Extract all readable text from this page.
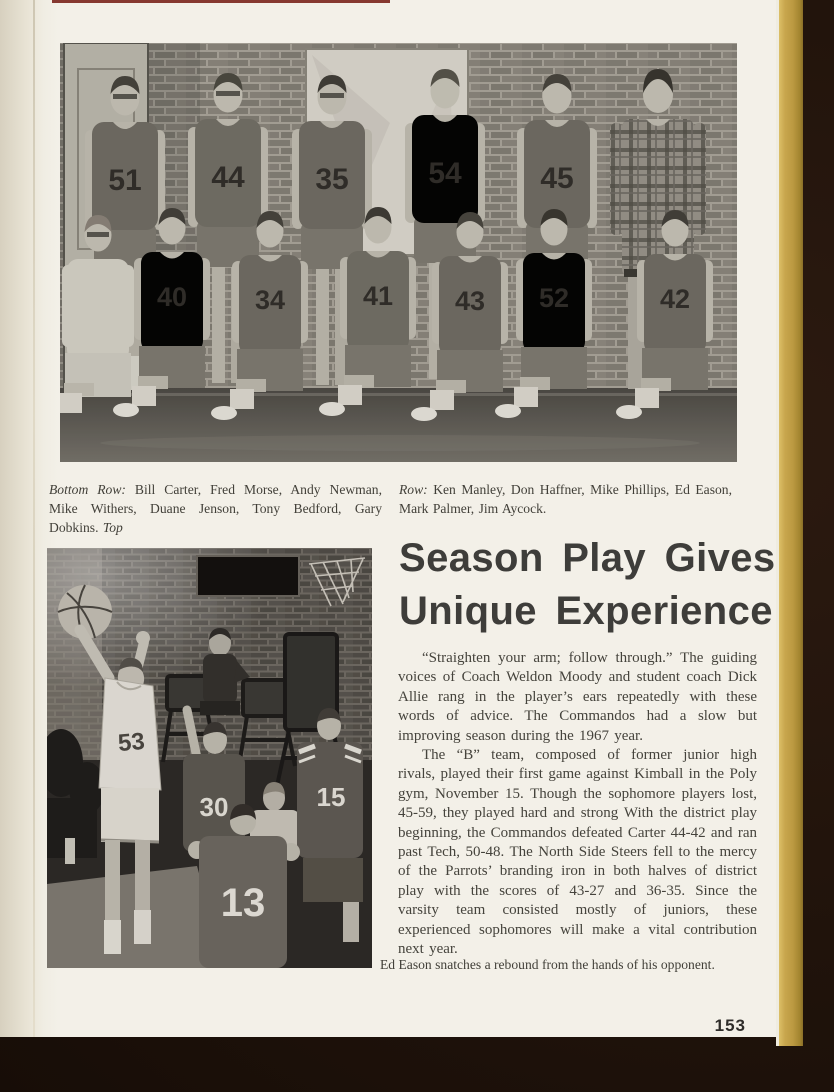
51 44 35	54	45
40	34	41 43 52	42

Bottom Row: Bill Carter, Fred Morse, Andy Newman, Mike Withers, Duane Jenson, Tony Bedford, Gary Dobkins. Top

Row: Ken Manley, Don Haffner, Mike Phillips, Ed Eason, Mark Palmer, Jim Aycock.

53
30	15
13
Season Play Gives
Unique Experience

“Straighten your arm; follow through.” The guiding voices of Coach Weldon Moody and student coach Dick Allie rang in the player’s ears repeatedly with these words of advice. The Commandos had a slow but improving season during the 1967 year.

The “B” team, composed of former junior high rivals, played their first game against Kimball in the Poly gym, November 15. Though the sophomore players lost, 45-59, they played hard and strong With the district play beginning, the Commandos defeated Carter 44-42 and ran past Tech, 50-48. The North Side Steers fell to the mercy of the Parrots’ branding iron in both halves of district play with the scores of 43-27 and 36-35. Since the varsity team consisted mostly of juniors, these experienced sophomores will make a vital contribution next year.

Ed Eason snatches a rebound from the hands of his opponent.

153
